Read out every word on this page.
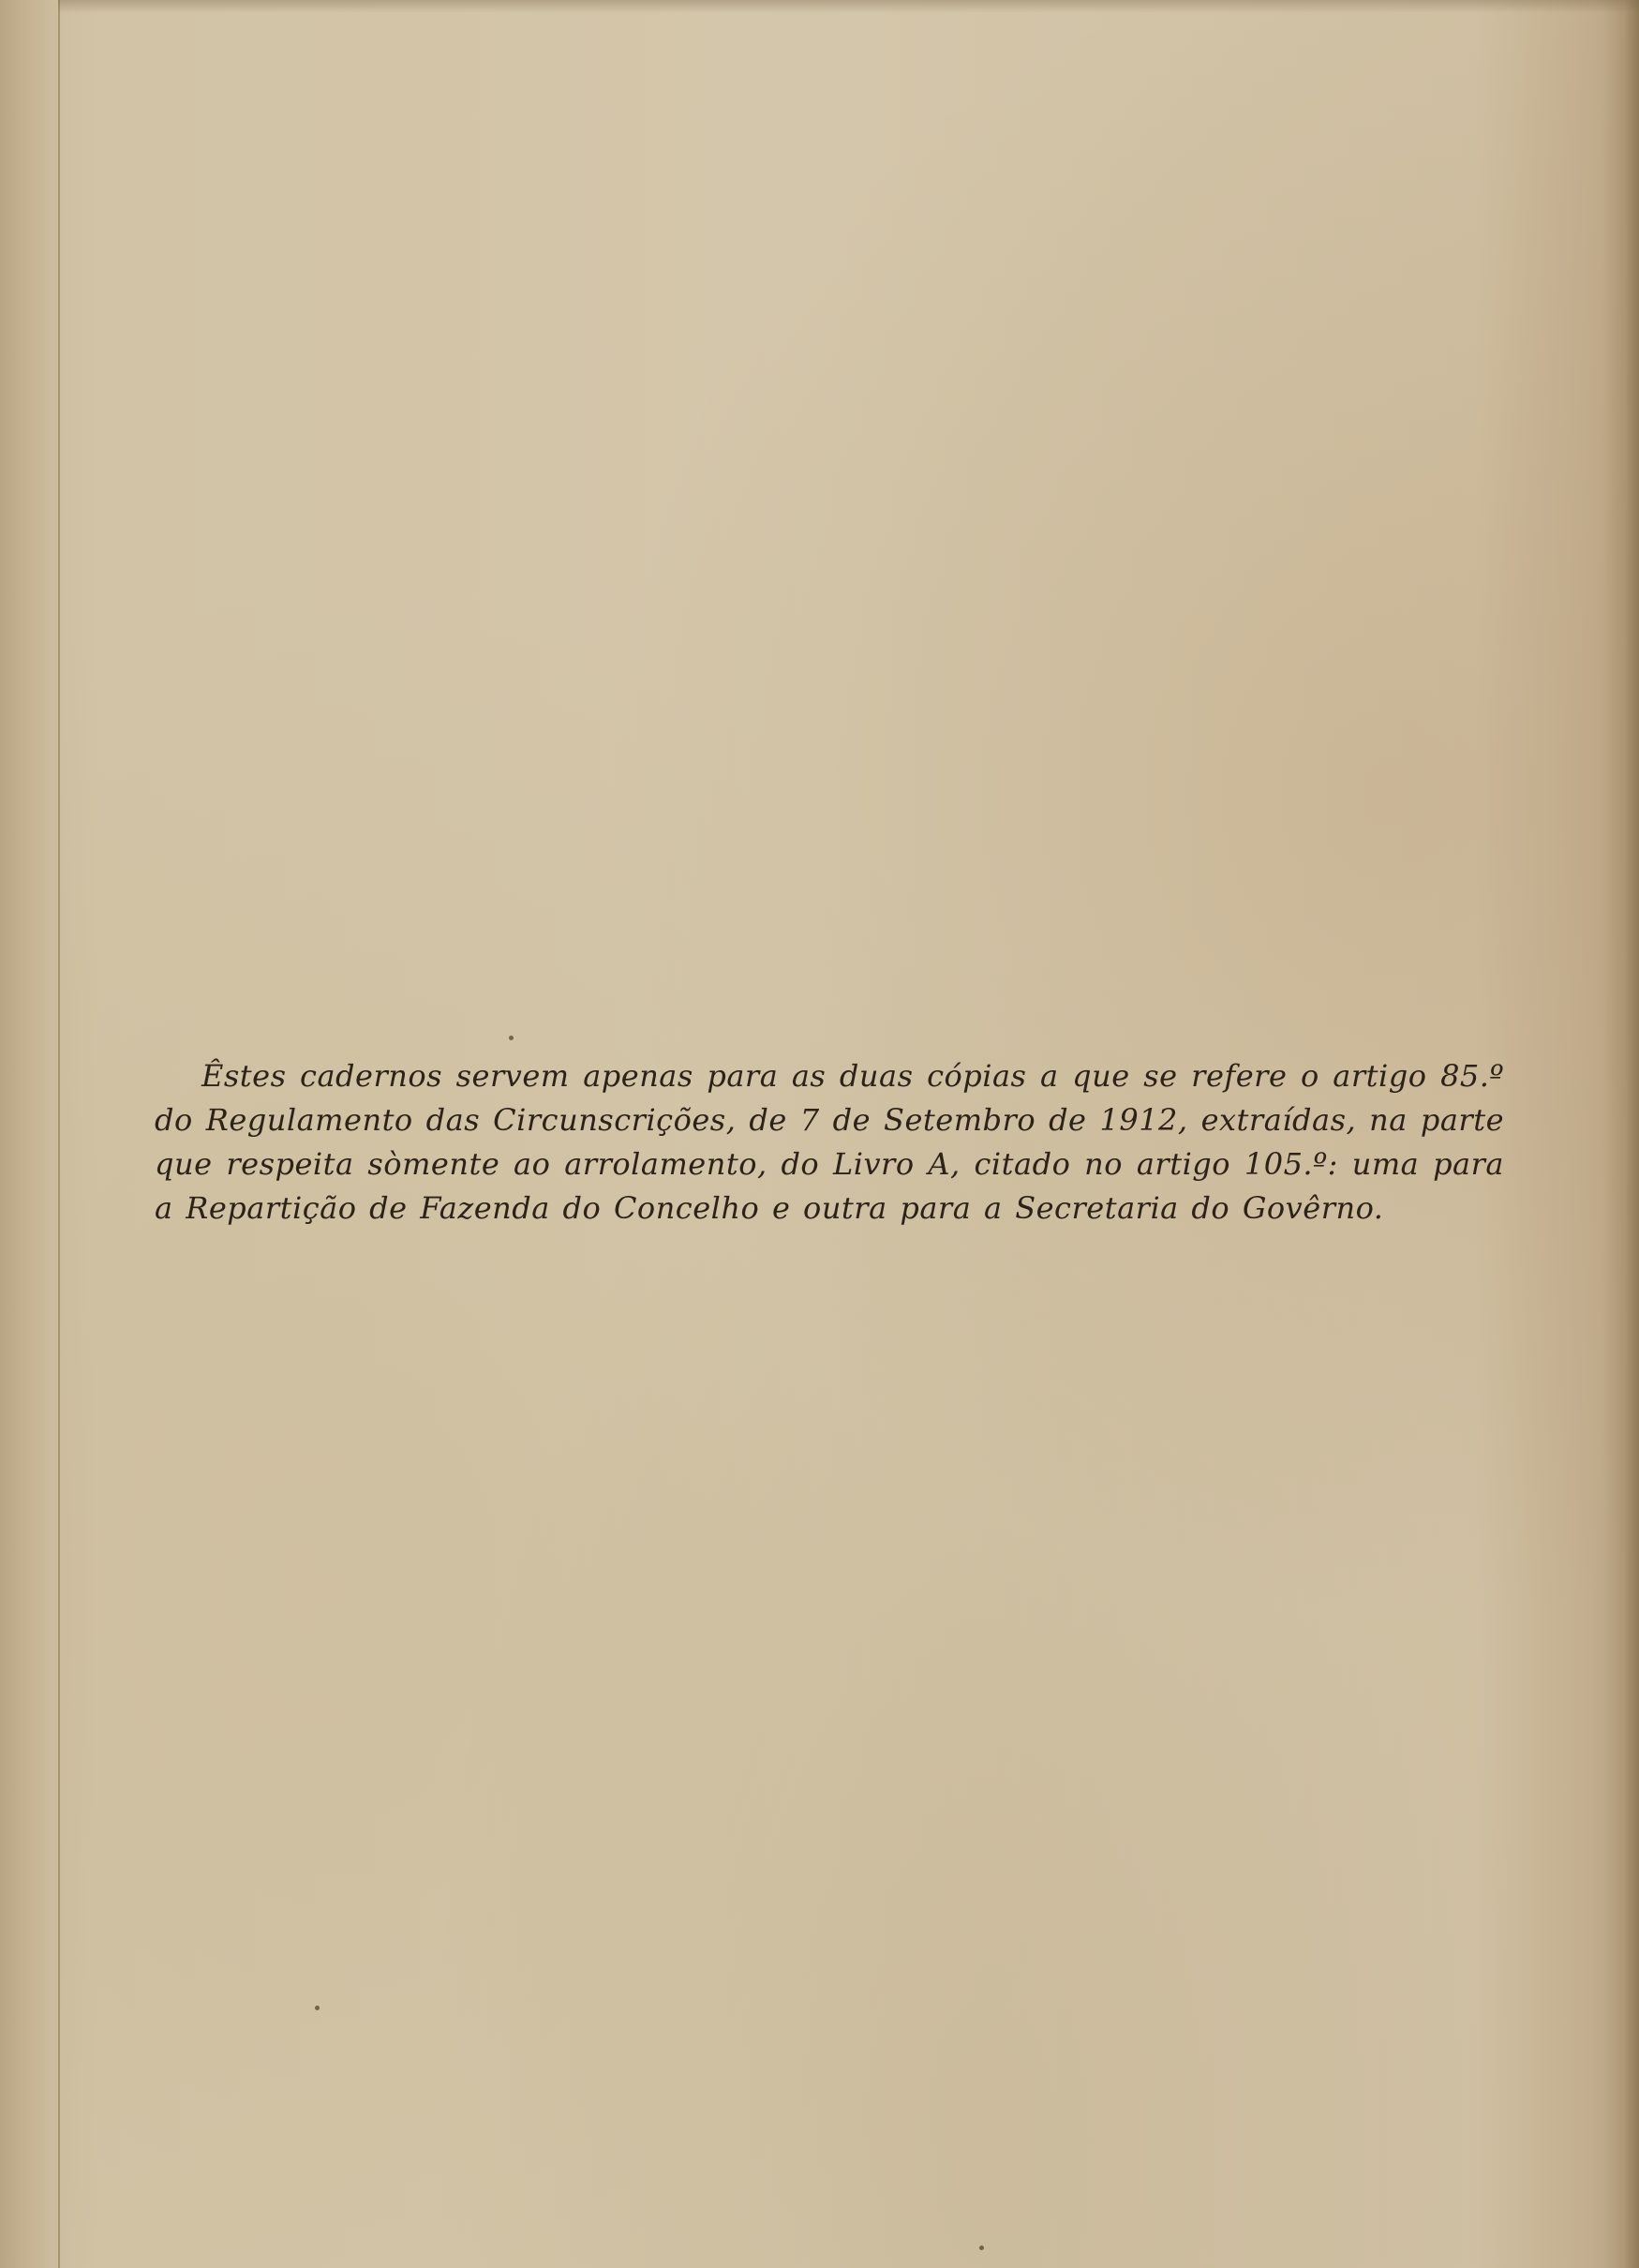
Êstes cadernos servem apenas para as duas cópias a que se refere o artigo 85.º do Regulamento das Circunscrições, de 7 de Setembro de 1912, extraídas, na parte que respeita sòmente ao arrolamento, do Livro A, citado no artigo 105.º: uma para a Repartição de Fazenda do Concelho e outra para a Secretaria do Govêrno.
